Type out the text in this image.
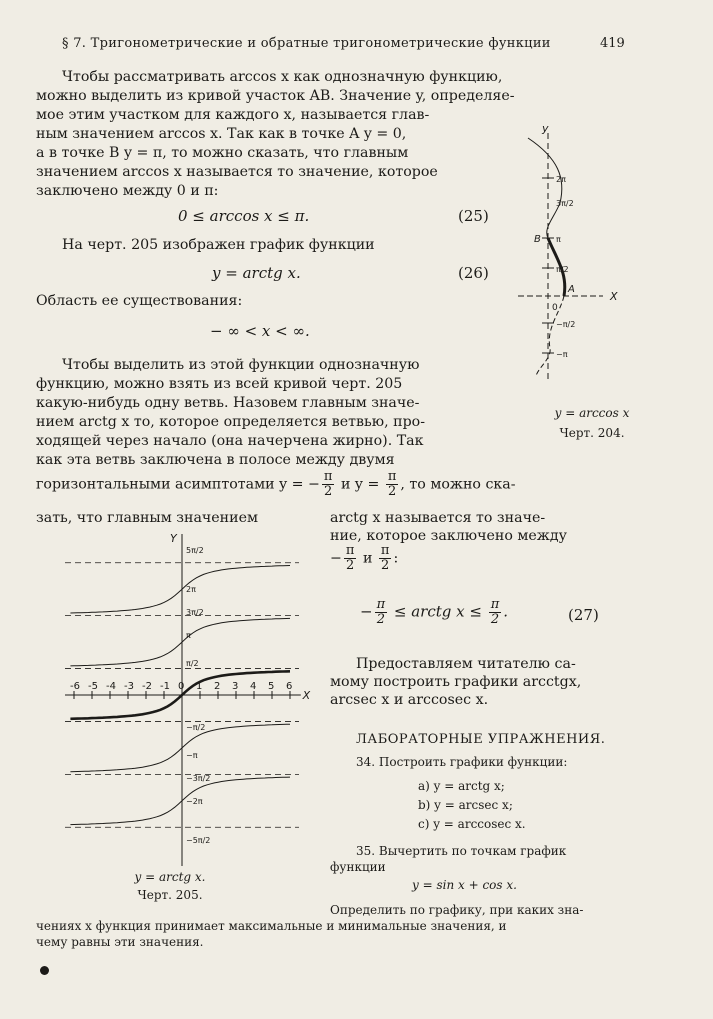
§ 7. Тригонометрические и обратные тригонометрические функции	419
Чтобы рассматривать arccos x как однозначную функцию,
можно выделить из кривой участок AB. Значение y, определяе-
мое этим участком для каждого x, называется глав-
ным значением arccos x. Так как в точке A y = 0,
а в точке B y = π, то можно сказать, что главным
значением arccos x называется то значение, которое
заключено между 0 и π:
0 ≤ arccos x ≤ π.	(25)
На черт. 205 изображен график функции
y = arctg x.	(26)
Область ее существования:
− ∞ < x < ∞.
Чтобы выделить из этой функции однозначную
функцию, можно взять из всей кривой черт. 205
какую-нибудь одну ветвь. Назовем главным значе-
нием arctg x то, которое определяется ветвью, про-
ходящей через начало (она начерчена жирно). Так
как эта ветвь заключена в полосе между двумя
горизонтальными асимптотами y = − $\frac{\pi}{2}$ и $y = \frac{\pi}{2}$ , то можно ска-
зать, что главным значением	arctg x называется то значе-
ние, которое заключено между
− $\frac{\pi}{2}$ и $\frac{\pi}{2}$ :
− $\frac{\pi}{2}$ ≤ arctg $x \le \frac{\pi}{2}$ .	(27)
Предоставляем читателю са-
мому построить графики arcctgx,
arcsec x и arccosec x.
ЛАБОРАТОРНЫЕ УПРАЖНЕНИЯ.
34. Построить графики функции:
a) y = arctg x;
b) y = arcsec x;
c) y = arccosec x.
35. Вычертить по точкам график
функции
y = sin x + cos x.
Определить по графику, при каких зна-
чениях x функция принимает максимальные и минимальные значения, и
чему равны эти значения.
y
X
0
A
B
2π
3π/2
π
π/2
−π/2
−π
y = arccos x
Черт. 204.
-6 -5 -4 -3 -2 -1 0 1 2 3 4 5 6
X
Y
5π/2
2π
3π/2
π
π/2
−π/2
−π
−3π/2
−2π
−5π/2
y = arctg x.
Черт. 205.
